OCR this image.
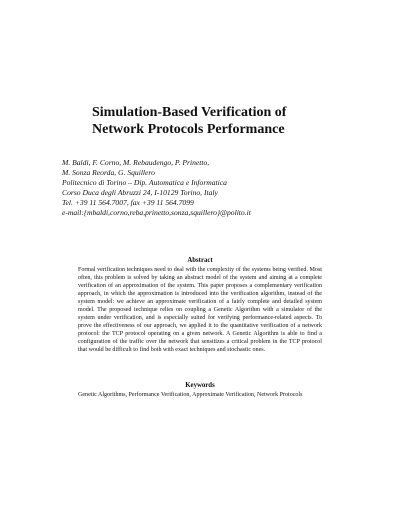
Simulation-Based Verification of
Network Protocols Performance
M. Baldi, F. Corno, M. Rebaudengo, P. Prinetto,
M. Sonza Reorda, G. Squillero
Politecnico di Torino – Dip. Automatica e Informatica
Corso Duca degli Abruzzi 24, I-10129 Torino, Italy
Tel. +39 11 564.7007, fax +39 11 564.7099
e-mail:{mbaldi,corno,reba,prinetto,sonza,squillero}@polito.it
Abstract
Formal verification techniques need to deal with the complexity of the systems being verified. Most often, this problem is solved by taking an abstract model of the system and aiming at a complete verification of an approximation of the system. This paper proposes a complementary verification approach, in which the approximation is introduced into the verification algorithm, instead of the system model: we achieve an approximate verification of a fairly complete and detailed system model. The proposed technique relies on coupling a Genetic Algorithm with a simulator of the system under verification, and is especially suited for verifying performance-related aspects. To prove the effectiveness of our approach, we applied it to the quantitative verification of a network protocol: the TCP protocol operating on a given network. A Genetic Algorithm is able to find a configuration of the traffic over the network that sensitizes a critical problem in the TCP protocol that would be difficult to find both with exact techniques and stochastic ones.
Keywords
Genetic Algorithms, Performance Verification, Approximate Verification, Network Protocols
